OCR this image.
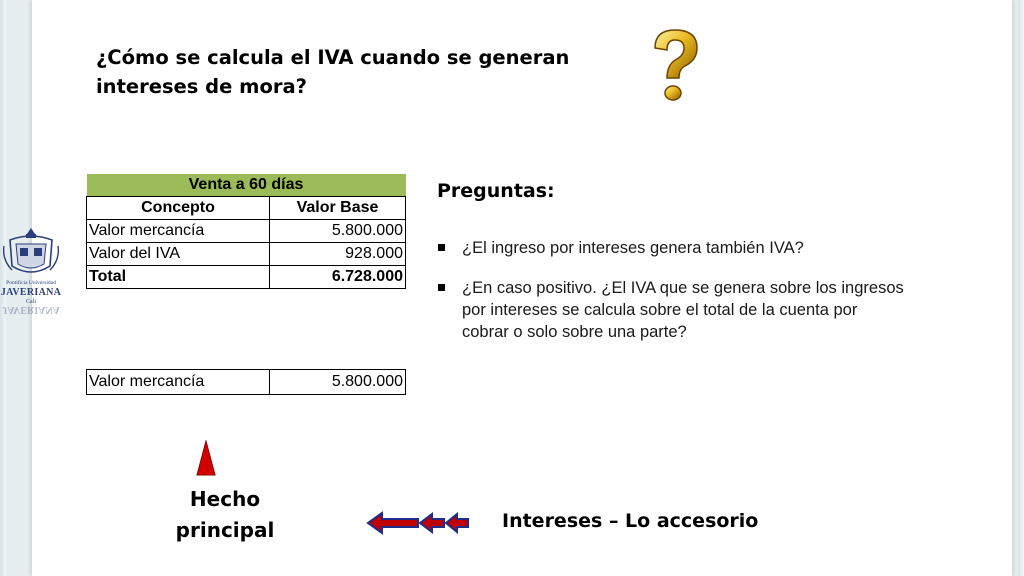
Pontificia Universidad
JAVERIANA
Cali
JAVERIANA
¿Cómo se calcula el IVA cuando se generan
intereses de mora?
Venta a 60 días	
Concepto	Valor Base
Valor mercancía	5.800.000
Valor del IVA	928.000
Total	6.728.000
Valor mercancía	5.800.000
Preguntas:
¿El ingreso por intereses genera también IVA?
¿En caso positivo. ¿El IVA que se genera sobre los ingresos por intereses se calcula sobre el total de la cuenta por cobrar o solo sobre una parte?
Hecho
principal	Intereses – Lo accesorio
